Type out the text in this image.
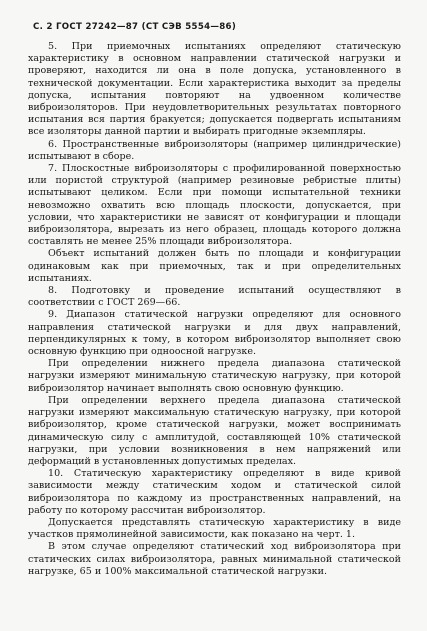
С. 2 ГОСТ 27242—87 (СТ СЭВ 5554—86)

5. При приемочных испытаниях определяют статическую характеристику в основном направлении статической нагрузки и проверяют, находится ли она в поле допуска, установленного в технической документации. Если характеристика выходит за пределы допуска, испытания повторяют на удвоенном количестве виброизоляторов. При неудовлетворительных результатах повторного испытания вся партия бракуется; допускается подвергать испытаниям все изоляторы данной партии и выбирать пригодные экземпляры.

6. Пространственные виброизоляторы (например цилиндрические) испытывают в сборе.

7. Плоскостные виброизоляторы с профилированной поверхностью или пористой структурой (например резиновые ребристые плиты) испытывают целиком. Если при помощи испытательной техники невозможно охватить всю площадь плоскости, допускается, при условии, что характеристики не зависят от конфигурации и площади виброизолятора, вырезать из него образец, площадь которого должна составлять не менее 25% площади виброизолятора.

Объект испытаний должен быть по площади и конфигурации одинаковым как при приемочных, так и при определительных испытаниях.

8. Подготовку и проведение испытаний осуществляют в соответствии с ГОСТ 269—66.

9. Диапазон статической нагрузки определяют для основного направления статической нагрузки и для двух направлений, перпендикулярных к тому, в котором виброизолятор выполняет свою основную функцию при одноосной нагрузке.

При определении нижнего предела диапазона статической нагрузки измеряют минимальную статическую нагрузку, при которой виброизолятор начинает выполнять свою основную функцию.

При определении верхнего предела диапазона статической нагрузки измеряют максимальную статическую нагрузку, при которой виброизолятор, кроме статической нагрузки, может воспринимать динамическую силу с амплитудой, составляющей 10% статической нагрузки, при условии возникновения в нем напряжений или деформаций в установленных допустимых пределах.

10. Статическую характеристику определяют в виде кривой зависимости между статическим ходом и статической силой виброизолятора по каждому из пространственных направлений, на работу по которому рассчитан виброизолятор.

Допускается представлять статическую характеристику в виде участков прямолинейной зависимости, как показано на черт. 1.

В этом случае определяют статический ход виброизолятора при статических силах виброизолятора, равных минимальной статической нагрузке, 65 и 100% максимальной статической нагрузки.
